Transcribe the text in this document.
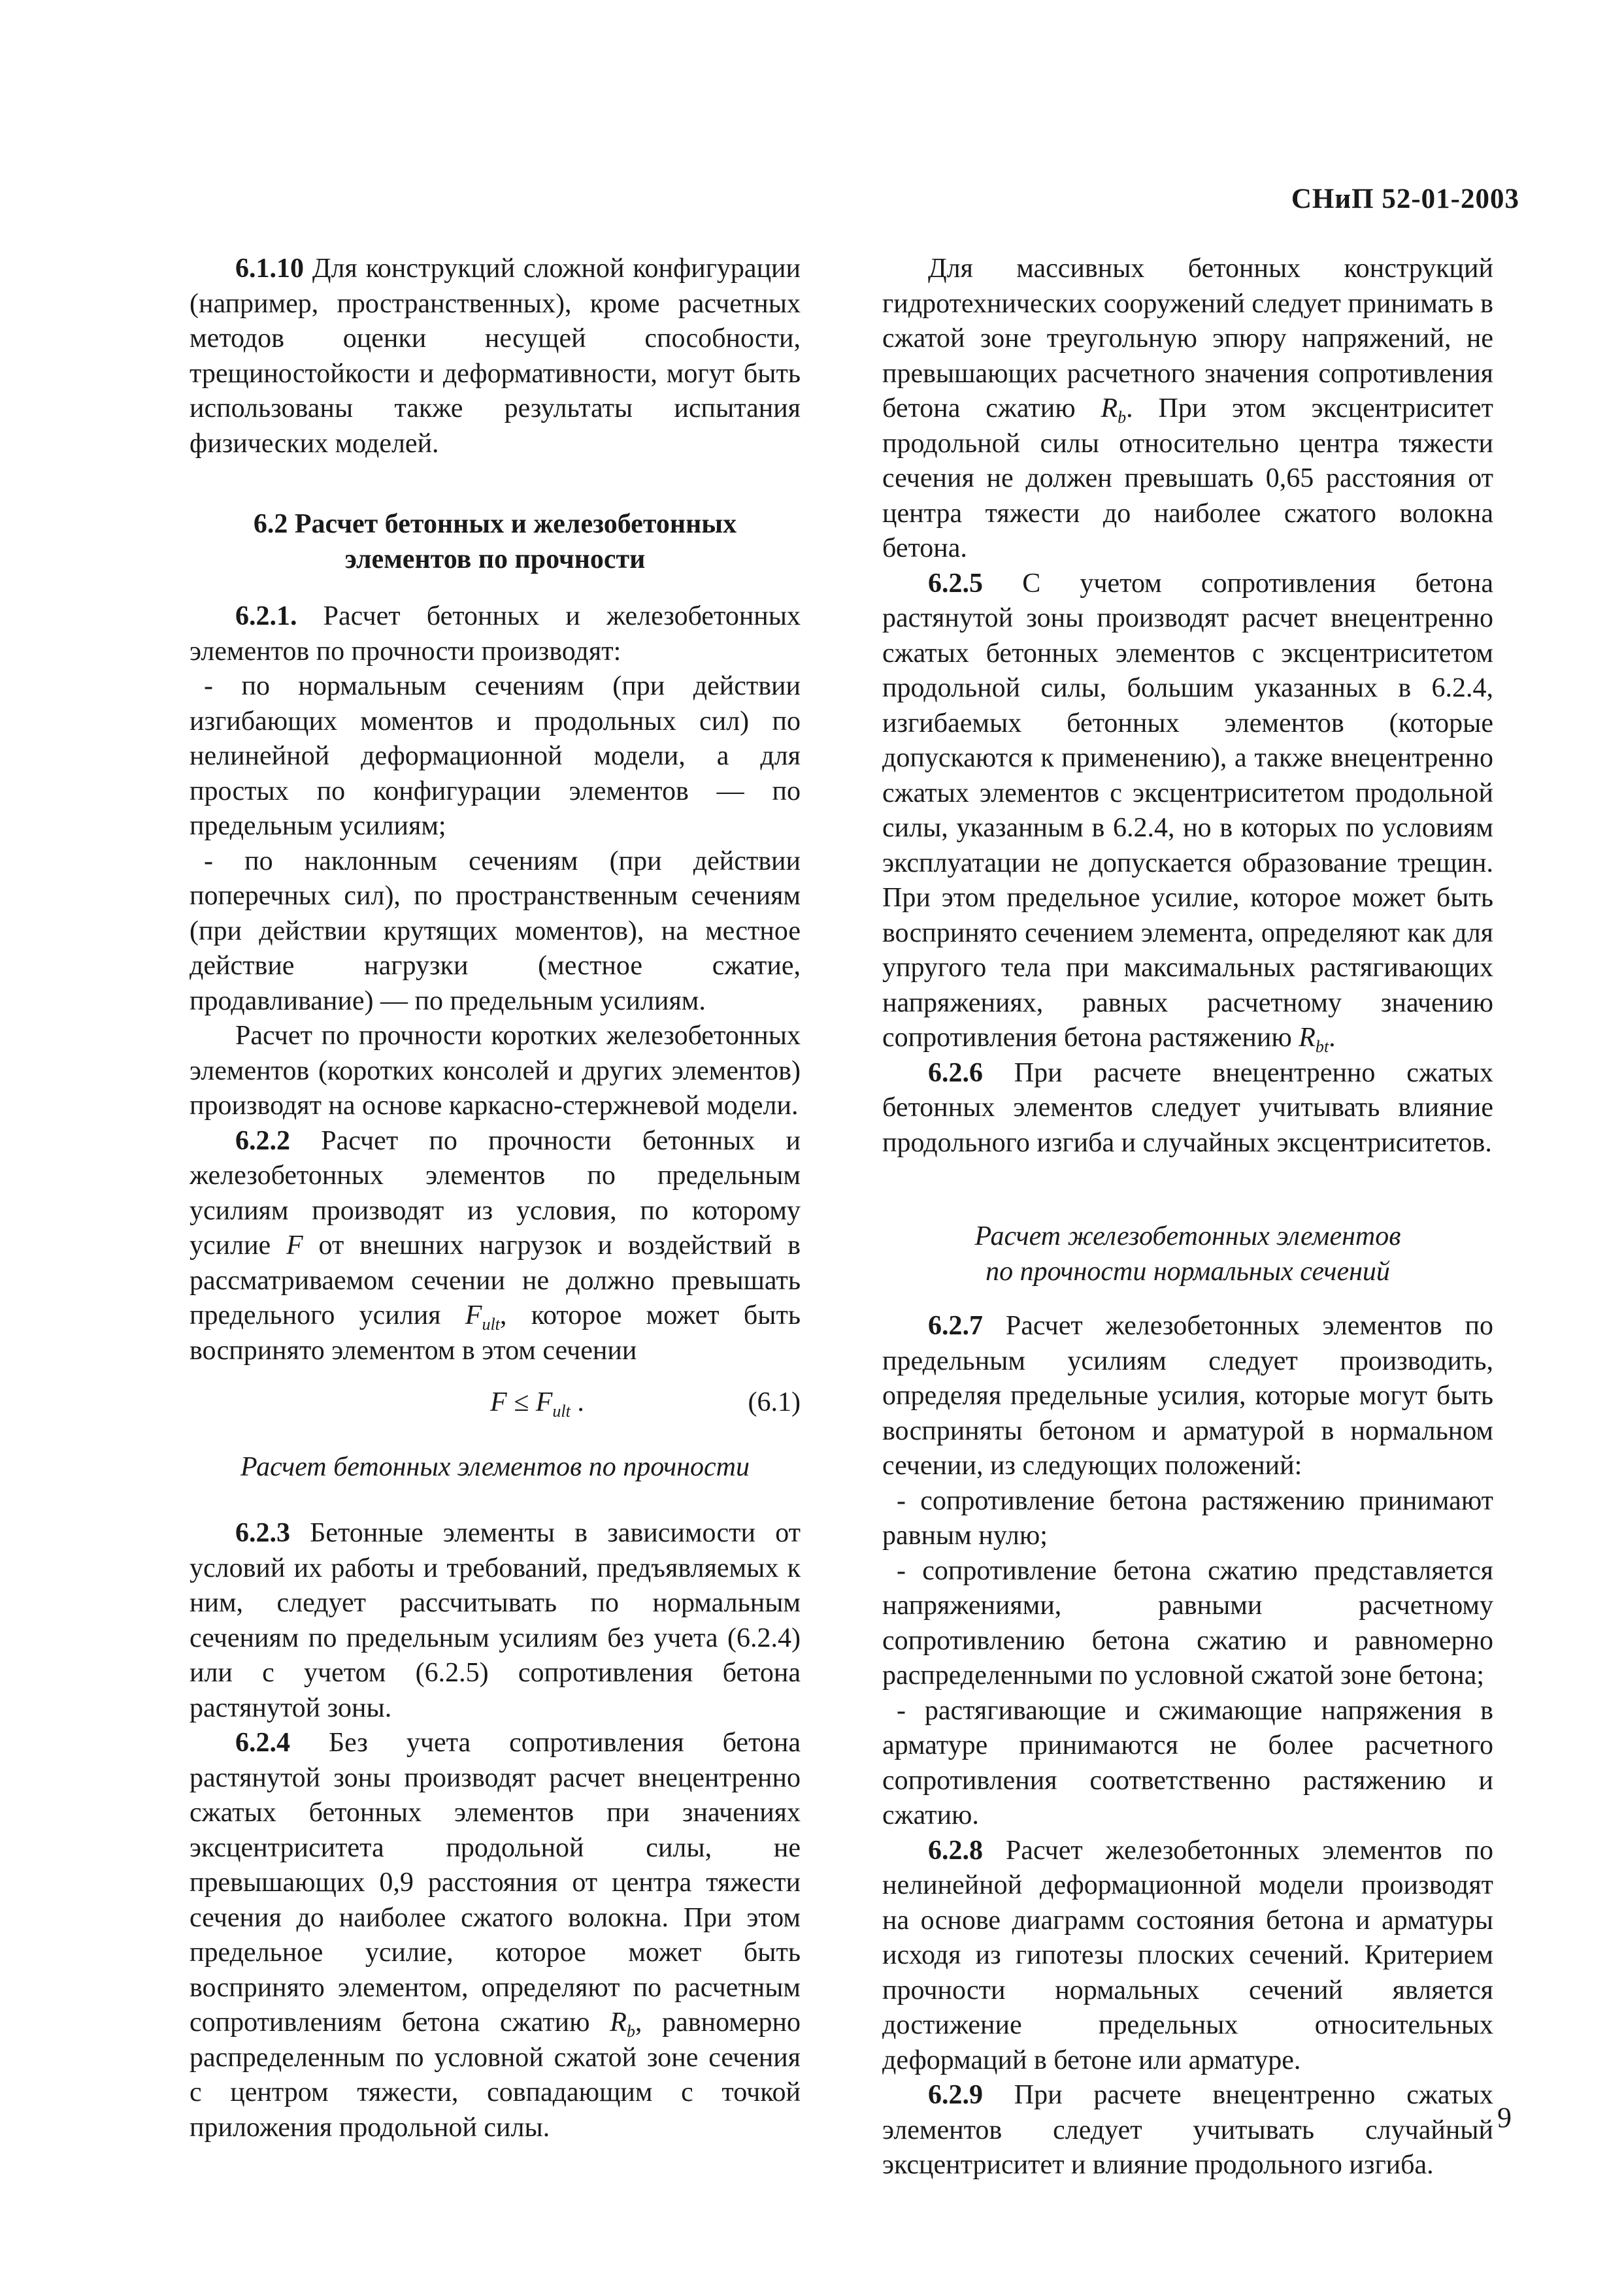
СНиП 52-01-2003

6.1.10 Для конструкций сложной конфигурации (например, пространственных), кроме расчетных методов оценки несущей способности, трещиностойкости и деформативности, могут быть использованы также результаты испытания физических моделей.

6.2 Расчет бетонных и железобетонных
элементов по прочности

6.2.1. Расчет бетонных и железобетонных элементов по прочности производят:

- по нормальным сечениям (при действии изгибающих моментов и продольных сил) по нелинейной деформационной модели, а для простых по конфигурации элементов — по предельным усилиям;

- по наклонным сечениям (при действии поперечных сил), по пространственным сечениям (при действии крутящих моментов), на местное действие нагрузки (местное сжатие, продавливание) — по предельным усилиям.

Расчет по прочности коротких железобетонных элементов (коротких консолей и других элементов) производят на основе каркасно-стержневой модели.

6.2.2 Расчет по прочности бетонных и железобетонных элементов по предельным усилиям производят из условия, по которому усилие F от внешних нагрузок и воздействий в рассматриваемом сечении не должно превышать предельного усилия $F_{ult}$, которое может быть воспринято элементом в этом сечении

$F \le F_{ult}$ .	(6.1)

Расчет бетонных элементов по прочности

6.2.3 Бетонные элементы в зависимости от условий их работы и требований, предъявляемых к ним, следует рассчитывать по нормальным сечениям по предельным усилиям без учета (6.2.4) или с учетом (6.2.5) сопротивления бетона растянутой зоны.

6.2.4 Без учета сопротивления бетона растянутой зоны производят расчет внецентренно сжатых бетонных элементов при значениях эксцентриситета продольной силы, не превышающих 0,9 расстояния от центра тяжести сечения до наиболее сжатого волокна. При этом предельное усилие, которое может быть воспринято элементом, определяют по расчетным сопротивлениям бетона сжатию $R_b$, равномерно распределенным по условной сжатой зоне сечения с центром тяжести, совпадающим с точкой приложения продольной силы.

Для массивных бетонных конструкций гидротехнических сооружений следует принимать в сжатой зоне треугольную эпюру напряжений, не превышающих расчетного значения сопротивления бетона сжатию $R_b$. При этом эксцентриситет продольной силы относительно центра тяжести сечения не должен превышать 0,65 расстояния от центра тяжести до наиболее сжатого волокна бетона.

6.2.5 С учетом сопротивления бетона растянутой зоны производят расчет внецентренно сжатых бетонных элементов с эксцентриситетом продольной силы, большим указанных в 6.2.4, изгибаемых бетонных элементов (которые допускаются к применению), а также внецентренно сжатых элементов с эксцентриситетом продольной силы, указанным в 6.2.4, но в которых по условиям эксплуатации не допускается образование трещин. При этом предельное усилие, которое может быть воспринято сечением элемента, определяют как для упругого тела при максимальных растягивающих напряжениях, равных расчетному значению сопротивления бетона растяжению $R_{bt}$.

6.2.6 При расчете внецентренно сжатых бетонных элементов следует учитывать влияние продольного изгиба и случайных эксцентриситетов.

Расчет железобетонных элементов
по прочности нормальных сечений

6.2.7 Расчет железобетонных элементов по предельным усилиям следует производить, определяя предельные усилия, которые могут быть восприняты бетоном и арматурой в нормальном сечении, из следующих положений:

- сопротивление бетона растяжению принимают равным нулю;

- сопротивление бетона сжатию представляется напряжениями, равными расчетному сопротивлению бетона сжатию и равномерно распределенными по условной сжатой зоне бетона;

- растягивающие и сжимающие напряжения в арматуре принимаются не более расчетного сопротивления соответственно растяжению и сжатию.

6.2.8 Расчет железобетонных элементов по нелинейной деформационной модели производят на основе диаграмм состояния бетона и арматуры исходя из гипотезы плоских сечений. Критерием прочности нормальных сечений является достижение предельных относительных деформаций в бетоне или арматуре.

6.2.9 При расчете внецентренно сжатых элементов следует учитывать случайный эксцентриситет и влияние продольного изгиба.

9
